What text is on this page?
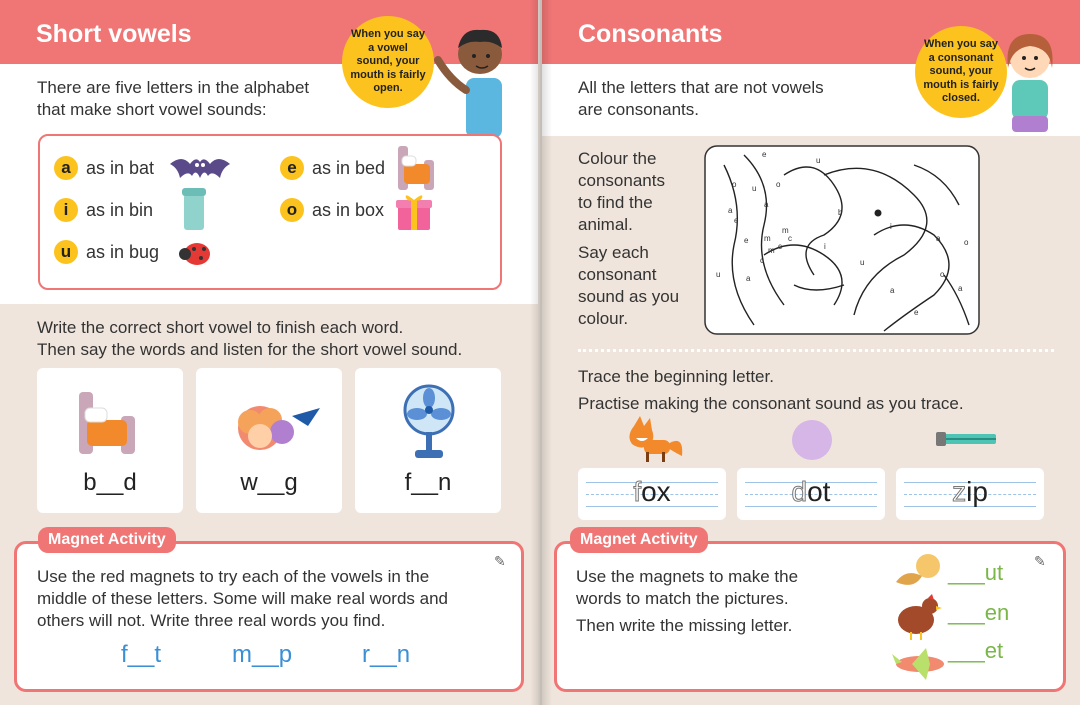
Short vowels	When you say a vowel sound, your mouth is fairly open.
There are five letters in the alphabet
that make short vowel sounds:
a as in bat	e as in bed
i as in bin	o as in box
u as in bug
Write the correct short vowel to finish each word.
Then say the words and listen for the short vowel sound.
b__d	w__g	f__n
Magnet Activity
✎
Use the red magnets to try each of the vowels in the
middle of these letters. Some will make real words and
others will not. Write three real words you find.
f__t	m__p	r__n
Consonants	When you say a consonant sound, your mouth is fairly closed.
All the letters that are not vowels
are consonants.
Colour the
consonants
to find the
animal.
Say each
consonant
sound as you
colour.
e
u
o u
a
a
e
o
m
m
c
c
m
c
u
e
i
o
a
e
a
a
a
b
i
u
o
Trace the beginning letter.
Practise making the consonant sound as you trace.
fox	dot	zip
Magnet Activity
✎
Use the magnets to make the
words to match the pictures.
Then write the missing letter.
___ut
___en
___et
